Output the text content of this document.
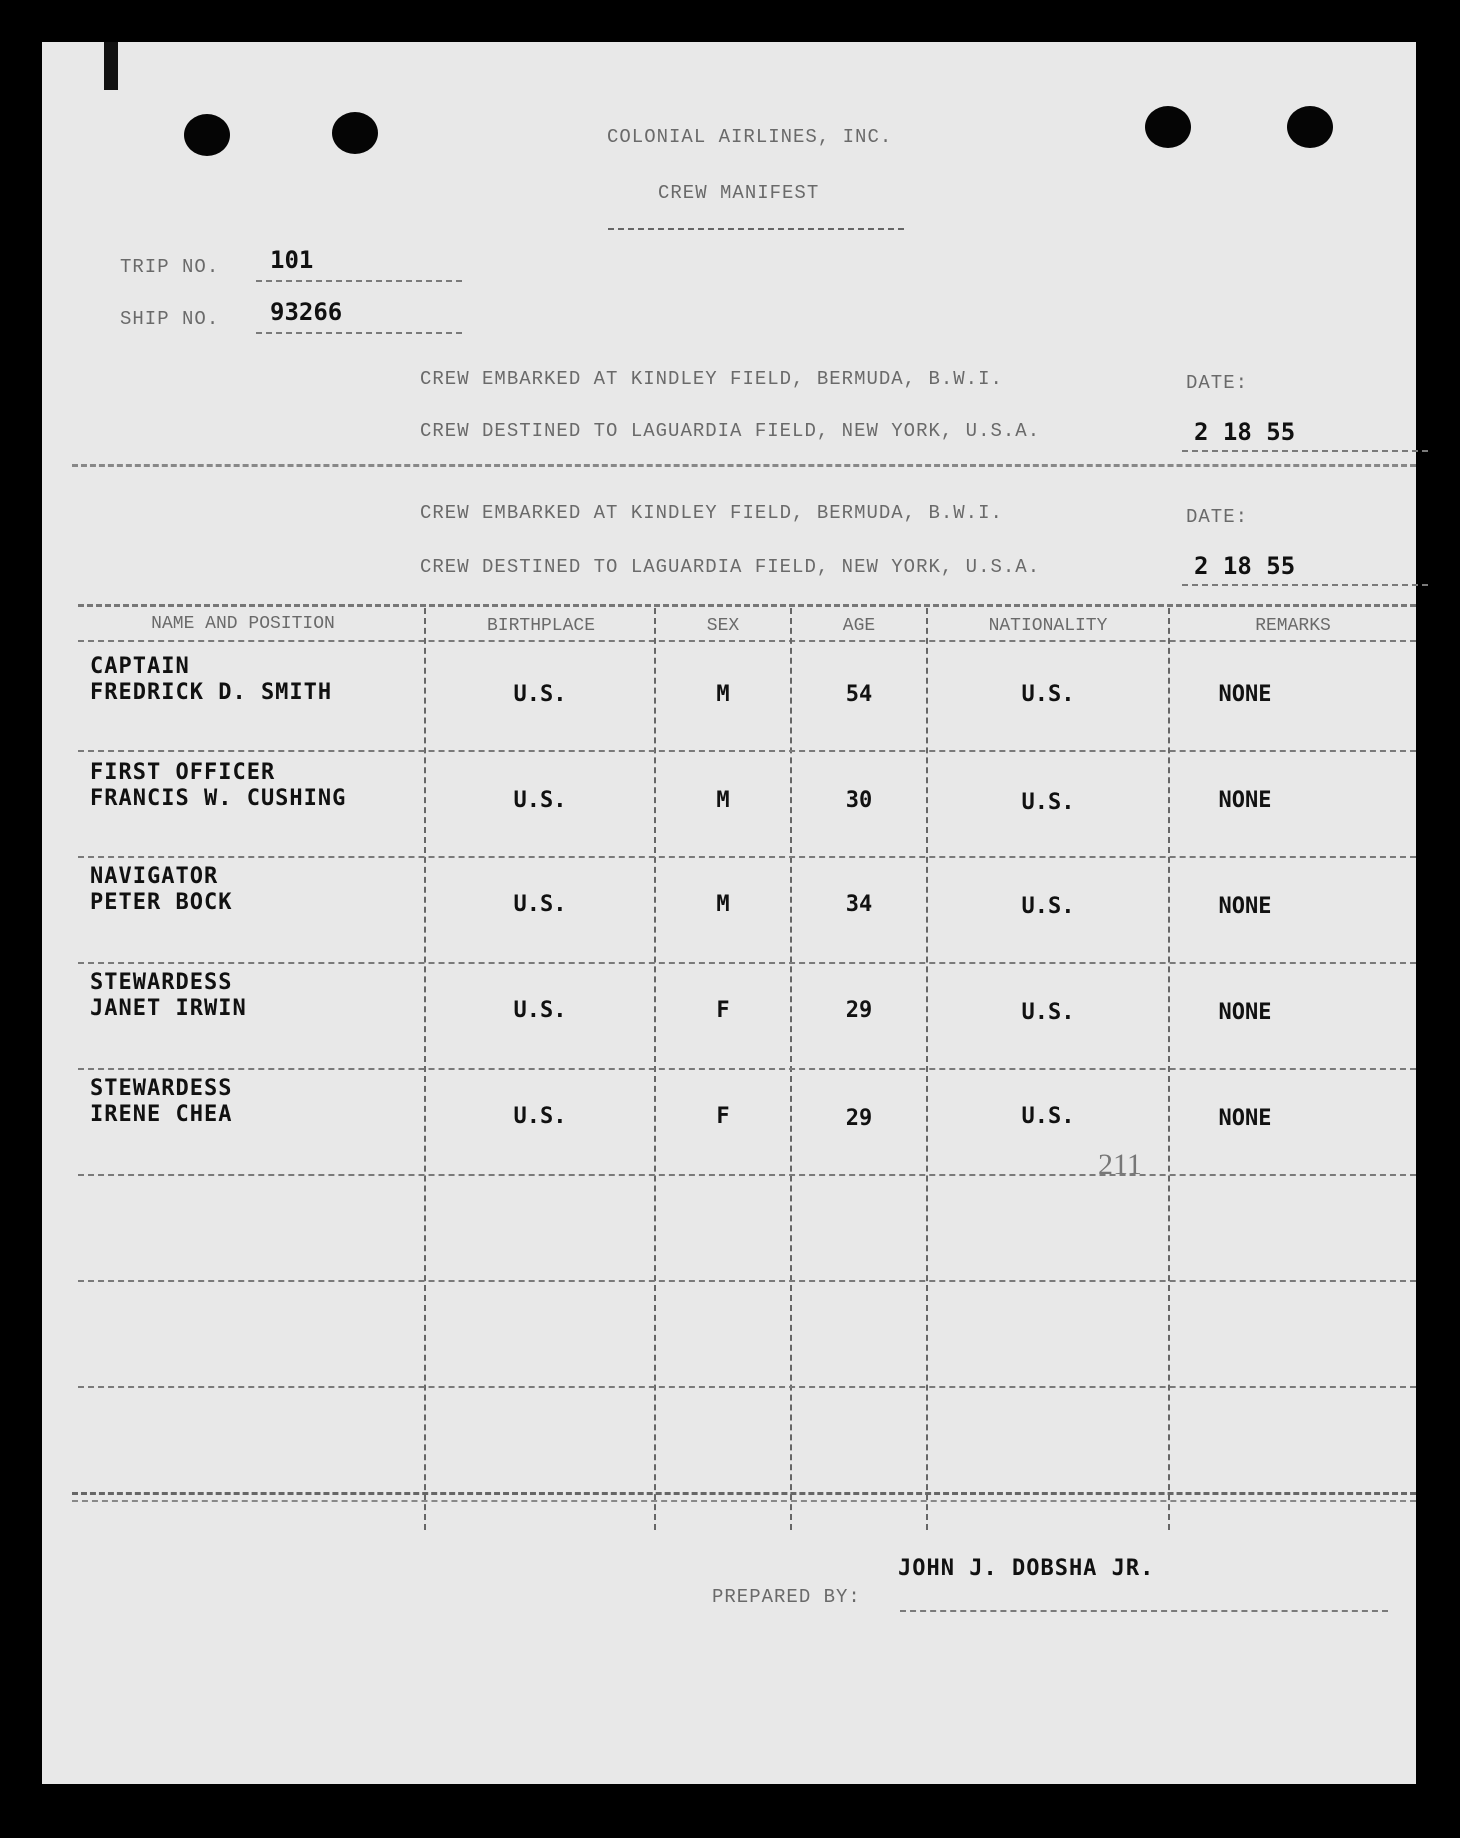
COLONIAL AIRLINES, INC.
CREW MANIFEST
TRIP NO. 101
SHIP NO. 93266
CREW EMBARKED AT KINDLEY FIELD, BERMUDA, B.W.I.	DATE:
CREW DESTINED TO LAGUARDIA FIELD, NEW YORK, U.S.A.	2 18 55
CREW EMBARKED AT KINDLEY FIELD, BERMUDA, B.W.I.	DATE:
CREW DESTINED TO LAGUARDIA FIELD, NEW YORK, U.S.A.	2 18 55
NAME AND POSITION	BIRTHPLACE	SEX	AGE	NATIONALITY	REMARKS
CAPTAIN
FREDRICK D. SMITH	U.S.	M	54	U.S.	NONE
FIRST OFFICER
FRANCIS W. CUSHING	U.S.	M	30	U.S.	NONE
NAVIGATOR
PETER BOCK	U.S.	M	34	U.S.	NONE
STEWARDESS
JANET IRWIN	U.S.	F	29	U.S.	NONE
STEWARDESS
IRENE CHEA	U.S.	F	29	U.S.	NONE
211
PREPARED BY:
JOHN J. DOBSHA JR.
